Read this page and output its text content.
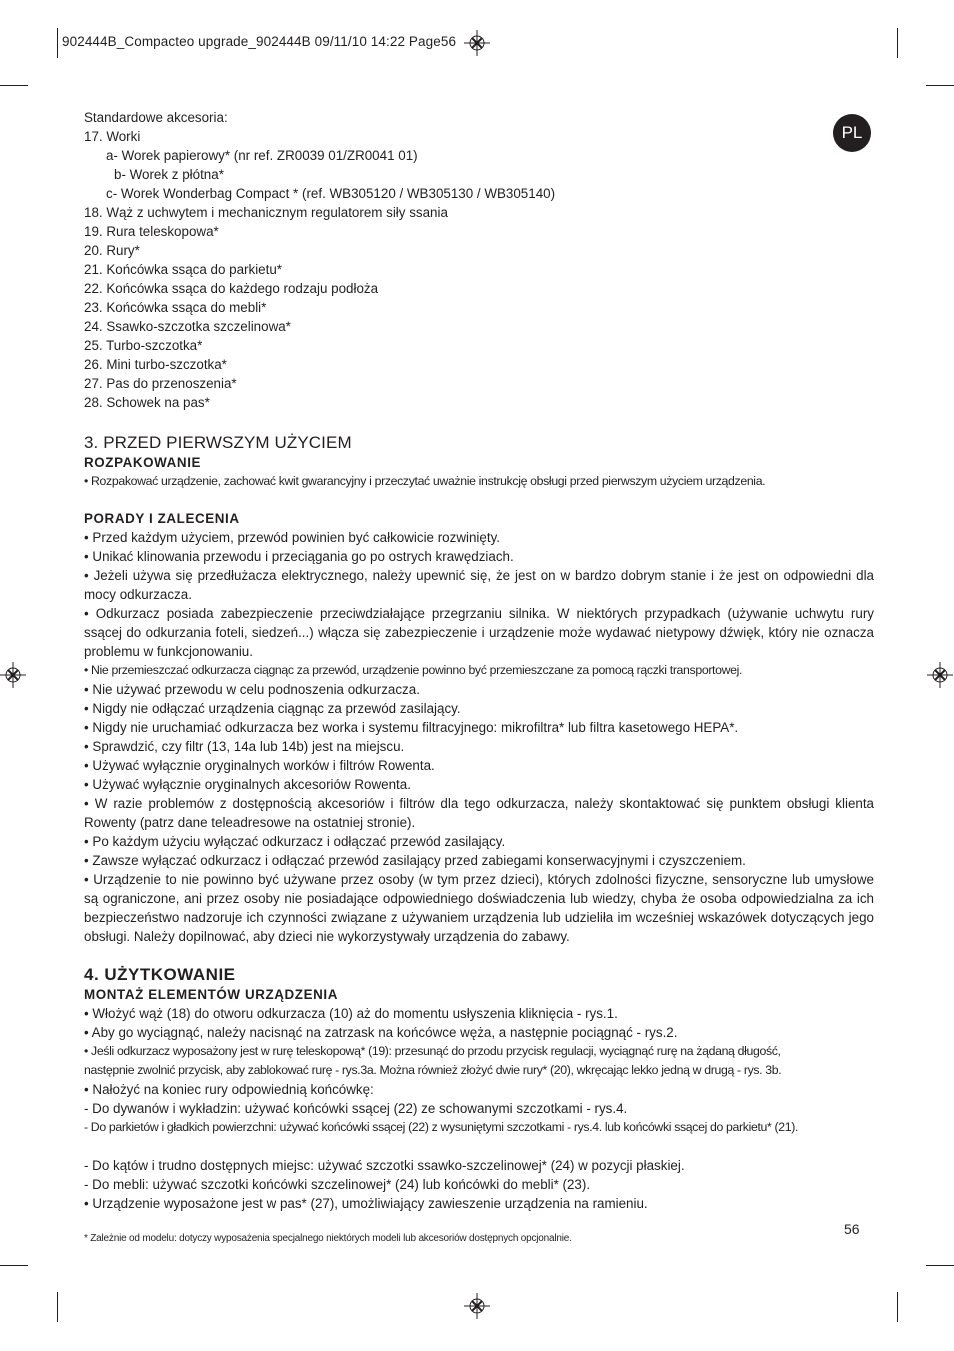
902444B_Compacteo upgrade_902444B 09/11/10 14:22 Page56
PL

Standardowe akcesoria:

17. Worki

a- Worek papierowy* (nr ref. ZR0039 01/ZR0041 01)

b- Worek z płótna*

c- Worek Wonderbag Compact * (ref. WB305120 / WB305130 / WB305140)

18. Wąż z uchwytem i mechanicznym regulatorem siły ssania

19. Rura teleskopowa*

20. Rury*

21. Końcówka ssąca do parkietu*

22. Końcówka ssąca do każdego rodzaju podłoża

23. Końcówka ssąca do mebli*

24. Ssawko-szczotka szczelinowa*

25. Turbo-szczotka*

26. Mini turbo-szczotka*

27. Pas do przenoszenia*

28. Schowek na pas*

3. PRZED PIERWSZYM UŻYCIEM

ROZPAKOWANIE

• Rozpakować urządzenie, zachować kwit gwarancyjny i przeczytać uważnie instrukcję obsługi przed pierwszym użyciem urządzenia.

PORADY I ZALECENIA

• Przed każdym użyciem, przewód powinien być całkowicie rozwinięty.

• Unikać klinowania przewodu i przeciągania go po ostrych krawędziach.

• Jeżeli używa się przedłużacza elektrycznego, należy upewnić się, że jest on w bardzo dobrym stanie i że jest on odpowiedni dla mocy odkurzacza.

• Odkurzacz posiada zabezpieczenie przeciwdziałające przegrzaniu silnika. W niektórych przypadkach (używanie uchwytu rury ssącej do odkurzania foteli, siedzeń...) włącza się zabezpieczenie i urządzenie może wydawać nietypowy dźwięk, który nie oznacza problemu w funkcjonowaniu.

• Nie przemieszczać odkurzacza ciągnąc za przewód, urządzenie powinno być przemieszczane za pomocą rączki transportowej.

• Nie używać przewodu w celu podnoszenia odkurzacza.

• Nigdy nie odłączać urządzenia ciągnąc za przewód zasilający.

• Nigdy nie uruchamiać odkurzacza bez worka i systemu filtracyjnego: mikrofiltra* lub filtra kasetowego HEPA*.

• Sprawdzić, czy filtr (13, 14a lub 14b) jest na miejscu.

• Używać wyłącznie oryginalnych worków i filtrów Rowenta.

• Używać wyłącznie oryginalnych akcesoriów Rowenta.

• W razie problemów z dostępnością akcesoriów i filtrów dla tego odkurzacza, należy skontaktować się punktem obsługi klienta Rowenty (patrz dane teleadresowe na ostatniej stronie).

• Po każdym użyciu wyłączać odkurzacz i odłączać przewód zasilający.

• Zawsze wyłączać odkurzacz i odłączać przewód zasilający przed zabiegami konserwacyjnymi i czyszczeniem.

• Urządzenie to nie powinno być używane przez osoby (w tym przez dzieci), których zdolności fizyczne, sensoryczne lub umysłowe są ograniczone, ani przez osoby nie posiadające odpowiedniego doświadczenia lub wiedzy, chyba że osoba odpowiedzialna za ich bezpieczeństwo nadzoruje ich czynności związane z używaniem urządzenia lub udzieliła im wcześniej wskazówek dotyczących jego obsługi. Należy dopilnować, aby dzieci nie wykorzystywały urządzenia do zabawy.

4. UŻYTKOWANIE

MONTAŻ ELEMENTÓW URZĄDZENIA

• Włożyć wąż (18) do otworu odkurzacza (10) aż do momentu usłyszenia kliknięcia - rys.1.

• Aby go wyciągnąć, należy nacisnąć na zatrzask na końcówce węża, a następnie pociągnąć - rys.2.

• Jeśli odkurzacz wyposażony jest w rurę teleskopową* (19): przesunąć do przodu przycisk regulacji, wyciągnąć rurę na żądaną długość,

następnie zwolnić przycisk, aby zablokować rurę - rys.3a. Można również złożyć dwie rury* (20), wkręcając lekko jedną w drugą - rys. 3b.

• Nałożyć na koniec rury odpowiednią końcówkę:

- Do dywanów i wykładzin: używać końcówki ssącej (22) ze schowanymi szczotkami - rys.4.

- Do parkietów i gładkich powierzchni: używać końcówki ssącej (22) z wysuniętymi szczotkami - rys.4. lub końcówki ssącej do parkietu* (21).

- Do kątów i trudno dostępnych miejsc: używać szczotki ssawko-szczelinowej* (24) w pozycji płaskiej.

- Do mebli: używać szczotki końcówki szczelinowej* (24) lub końcówki do mebli* (23).

• Urządzenie wyposażone jest w pas* (27), umożliwiający zawieszenie urządzenia na ramieniu.

* Zależnie od modelu: dotyczy wyposażenia specjalnego niektórych modeli lub akcesoriów dostępnych opcjonalnie.
56
